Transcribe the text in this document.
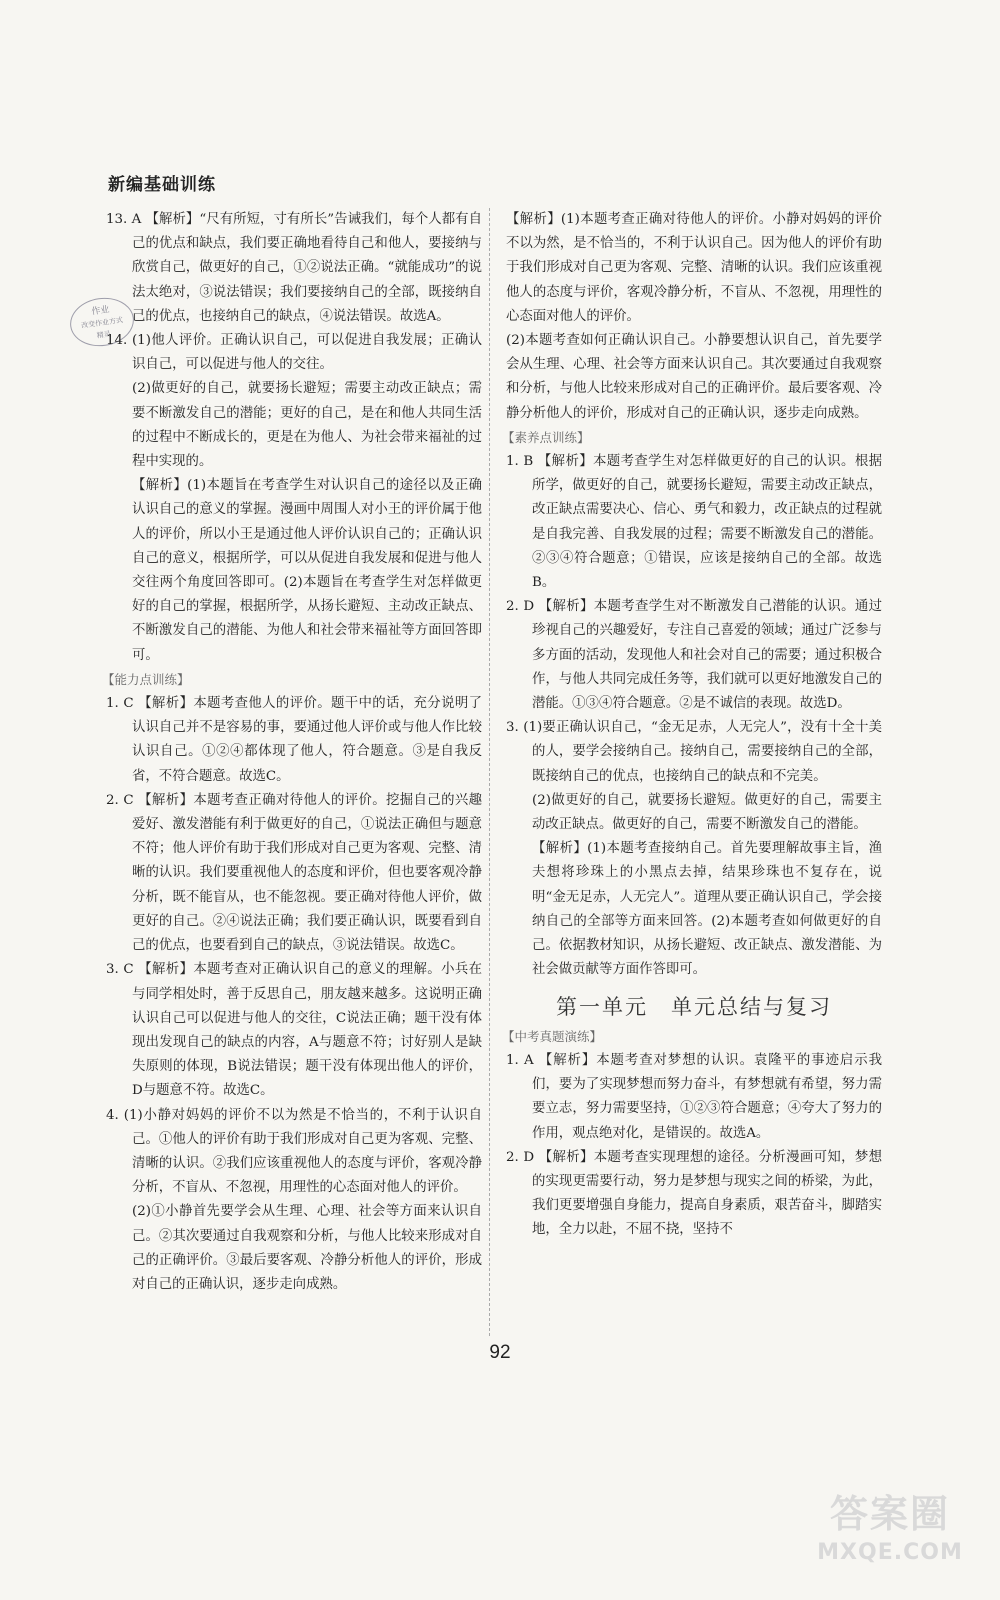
新编基础训练
作业
改变作业方式
精灵

13. A 【解析】“尺有所短，寸有所长”告诫我们，每个人都有自己的优点和缺点，我们要正确地看待自己和他人，要接纳与欣赏自己，做更好的自己，①②说法正确。“就能成功”的说法太绝对，③说法错误；我们要接纳自己的全部，既接纳自己的优点，也接纳自己的缺点，④说法错误。故选A。

14. (1)他人评价。正确认识自己，可以促进自我发展；正确认识自己，可以促进与他人的交往。

(2)做更好的自己，就要扬长避短；需要主动改正缺点；需要不断激发自己的潜能；更好的自己，是在和他人共同生活的过程中不断成长的，更是在为他人、为社会带来福祉的过程中实现的。

【解析】(1)本题旨在考查学生对认识自己的途径以及正确认识自己的意义的掌握。漫画中周围人对小王的评价属于他人的评价，所以小王是通过他人评价认识自己的；正确认识自己的意义，根据所学，可以从促进自我发展和促进与他人交往两个角度回答即可。(2)本题旨在考查学生对怎样做更好的自己的掌握，根据所学，从扬长避短、主动改正缺点、不断激发自己的潜能、为他人和社会带来福祉等方面回答即可。

【能力点训练】

1. C 【解析】本题考查他人的评价。题干中的话，充分说明了认识自己并不是容易的事，要通过他人评价或与他人作比较认识自己。①②④都体现了他人，符合题意。③是自我反省，不符合题意。故选C。

2. C 【解析】本题考查正确对待他人的评价。挖掘自己的兴趣爱好、激发潜能有利于做更好的自己，①说法正确但与题意不符；他人评价有助于我们形成对自己更为客观、完整、清晰的认识。我们要重视他人的态度和评价，但也要客观冷静分析，既不能盲从，也不能忽视。要正确对待他人评价，做更好的自己。②④说法正确；我们要正确认识，既要看到自己的优点，也要看到自己的缺点，③说法错误。故选C。

3. C 【解析】本题考查对正确认识自己的意义的理解。小兵在与同学相处时，善于反思自己，朋友越来越多。这说明正确认识自己可以促进与他人的交往，C说法正确；题干没有体现出发现自己的缺点的内容，A与题意不符；讨好别人是缺失原则的体现，B说法错误；题干没有体现出他人的评价，D与题意不符。故选C。

4. (1)小静对妈妈的评价不以为然是不恰当的，不利于认识自己。①他人的评价有助于我们形成对自己更为客观、完整、清晰的认识。②我们应该重视他人的态度与评价，客观冷静分析，不盲从、不忽视，用理性的心态面对他人的评价。

(2)①小静首先要学会从生理、心理、社会等方面来认识自己。②其次要通过自我观察和分析，与他人比较来形成对自己的正确评价。③最后要客观、冷静分析他人的评价，形成对自己的正确认识，逐步走向成熟。

【解析】(1)本题考查正确对待他人的评价。小静对妈妈的评价不以为然，是不恰当的，不利于认识自己。因为他人的评价有助于我们形成对自己更为客观、完整、清晰的认识。我们应该重视他人的态度与评价，客观冷静分析，不盲从、不忽视，用理性的心态面对他人的评价。

(2)本题考查如何正确认识自己。小静要想认识自己，首先要学会从生理、心理、社会等方面来认识自己。其次要通过自我观察和分析，与他人比较来形成对自己的正确评价。最后要客观、冷静分析他人的评价，形成对自己的正确认识，逐步走向成熟。

【素养点训练】

1. B 【解析】本题考查学生对怎样做更好的自己的认识。根据所学，做更好的自己，就要扬长避短，需要主动改正缺点，改正缺点需要决心、信心、勇气和毅力，改正缺点的过程就是自我完善、自我发展的过程；需要不断激发自己的潜能。②③④符合题意；①错误，应该是接纳自己的全部。故选B。

2. D 【解析】本题考查学生对不断激发自己潜能的认识。通过珍视自己的兴趣爱好，专注自己喜爱的领域；通过广泛参与多方面的活动，发现他人和社会对自己的需要；通过积极合作，与他人共同完成任务等，我们就可以更好地激发自己的潜能。①③④符合题意。②是不诚信的表现。故选D。

3. (1)要正确认识自己，“金无足赤，人无完人”，没有十全十美的人，要学会接纳自己。接纳自己，需要接纳自己的全部，既接纳自己的优点，也接纳自己的缺点和不完美。

(2)做更好的自己，就要扬长避短。做更好的自己，需要主动改正缺点。做更好的自己，需要不断激发自己的潜能。

【解析】(1)本题考查接纳自己。首先要理解故事主旨，渔夫想将珍珠上的小黑点去掉，结果珍珠也不复存在，说明“金无足赤，人无完人”。道理从要正确认识自己，学会接纳自己的全部等方面来回答。(2)本题考查如何做更好的自己。依据教材知识，从扬长避短、改正缺点、激发潜能、为社会做贡献等方面作答即可。

第一单元　单元总结与复习

【中考真题演练】

1. A 【解析】本题考查对梦想的认识。袁隆平的事迹启示我们，要为了实现梦想而努力奋斗，有梦想就有希望，努力需要立志，努力需要坚持，①②③符合题意；④夸大了努力的作用，观点绝对化，是错误的。故选A。

2. D 【解析】本题考查实现理想的途径。分析漫画可知，梦想的实现更需要行动，努力是梦想与现实之间的桥梁，为此，我们更要增强自身能力，提高自身素质，艰苦奋斗，脚踏实地，全力以赴，不屈不挠，坚持不

92
答案圈
MXQE.COM
